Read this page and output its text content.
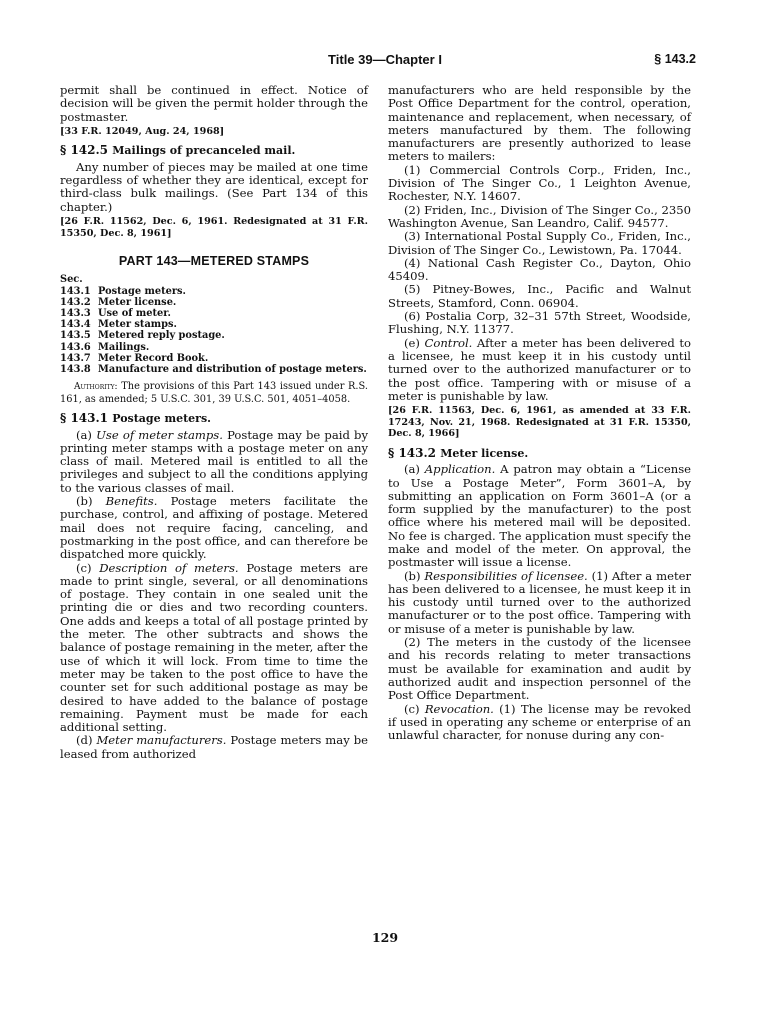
Title 39—Chapter I	§ 143.2

permit shall be continued in effect. Notice of decision will be given the permit holder through the postmaster.

[33 F.R. 12049, Aug. 24, 1968]

§ 142.5 Mailings of precanceled mail.

Any number of pieces may be mailed at one time regardless of whether they are identical, except for third-class bulk mailings. (See Part 134 of this chapter.)

[26 F.R. 11562, Dec. 6, 1961. Redesignated at 31 F.R. 15350, Dec. 8, 1961]

PART 143—METERED STAMPS
Sec.
143.1 Postage meters.
143.2 Meter license.
143.3 Use of meter.
143.4 Meter stamps.
143.5 Metered reply postage.
143.6 Mailings.
143.7 Meter Record Book.
143.8 Manufacture and distribution of postage meters.

Authority: The provisions of this Part 143 issued under R.S. 161, as amended; 5 U.S.C. 301, 39 U.S.C. 501, 4051–4058.

§ 143.1 Postage meters.

(a) Use of meter stamps. Postage may be paid by printing meter stamps with a postage meter on any class of mail. Metered mail is entitled to all the privileges and subject to all the conditions applying to the various classes of mail.

(b) Benefits. Postage meters facilitate the purchase, control, and affixing of postage. Metered mail does not require facing, canceling, and postmarking in the post office, and can therefore be dispatched more quickly.

(c) Description of meters. Postage meters are made to print single, several, or all denominations of postage. They contain in one sealed unit the printing die or dies and two recording counters. One adds and keeps a total of all postage printed by the meter. The other subtracts and shows the balance of postage remaining in the meter, after the use of which it will lock. From time to time the meter may be taken to the post office to have the counter set for such additional postage as may be desired to have added to the balance of postage remaining. Payment must be made for each additional setting.

(d) Meter manufacturers. Postage meters may be leased from authorized

manufacturers who are held responsible by the Post Office Department for the control, operation, maintenance and replacement, when necessary, of meters manufactured by them. The following manufacturers are presently authorized to lease meters to mailers:

(1) Commercial Controls Corp., Friden, Inc., Division of The Singer Co., 1 Leighton Avenue, Rochester, N.Y. 14607.

(2) Friden, Inc., Division of The Singer Co., 2350 Washington Avenue, San Leandro, Calif. 94577.

(3) International Postal Supply Co., Friden, Inc., Division of The Singer Co., Lewistown, Pa. 17044.

(4) National Cash Register Co., Dayton, Ohio 45409.

(5) Pitney-Bowes, Inc., Pacific and Walnut Streets, Stamford, Conn. 06904.

(6) Postalia Corp, 32–31 57th Street, Woodside, Flushing, N.Y. 11377.

(e) Control. After a meter has been delivered to a licensee, he must keep it in his custody until turned over to the authorized manufacturer or to the post office. Tampering with or misuse of a meter is punishable by law.

[26 F.R. 11563, Dec. 6, 1961, as amended at 33 F.R. 17243, Nov. 21, 1968. Redesignated at 31 F.R. 15350, Dec. 8, 1966]

§ 143.2 Meter license.

(a) Application. A patron may obtain a “License to Use a Postage Meter”, Form 3601–A, by submitting an application on Form 3601–A (or a form supplied by the manufacturer) to the post office where his metered mail will be deposited. No fee is charged. The application must specify the make and model of the meter. On approval, the postmaster will issue a license.

(b) Responsibilities of licensee. (1) After a meter has been delivered to a licensee, he must keep it in his custody until turned over to the authorized manufacturer or to the post office. Tampering with or misuse of a meter is punishable by law.

(2) The meters in the custody of the licensee and his records relating to meter transactions must be available for examination and audit by authorized audit and inspection personnel of the Post Office Department.

(c) Revocation. (1) The license may be revoked if used in operating any scheme or enterprise of an unlawful character, for nonuse during any con-

129
